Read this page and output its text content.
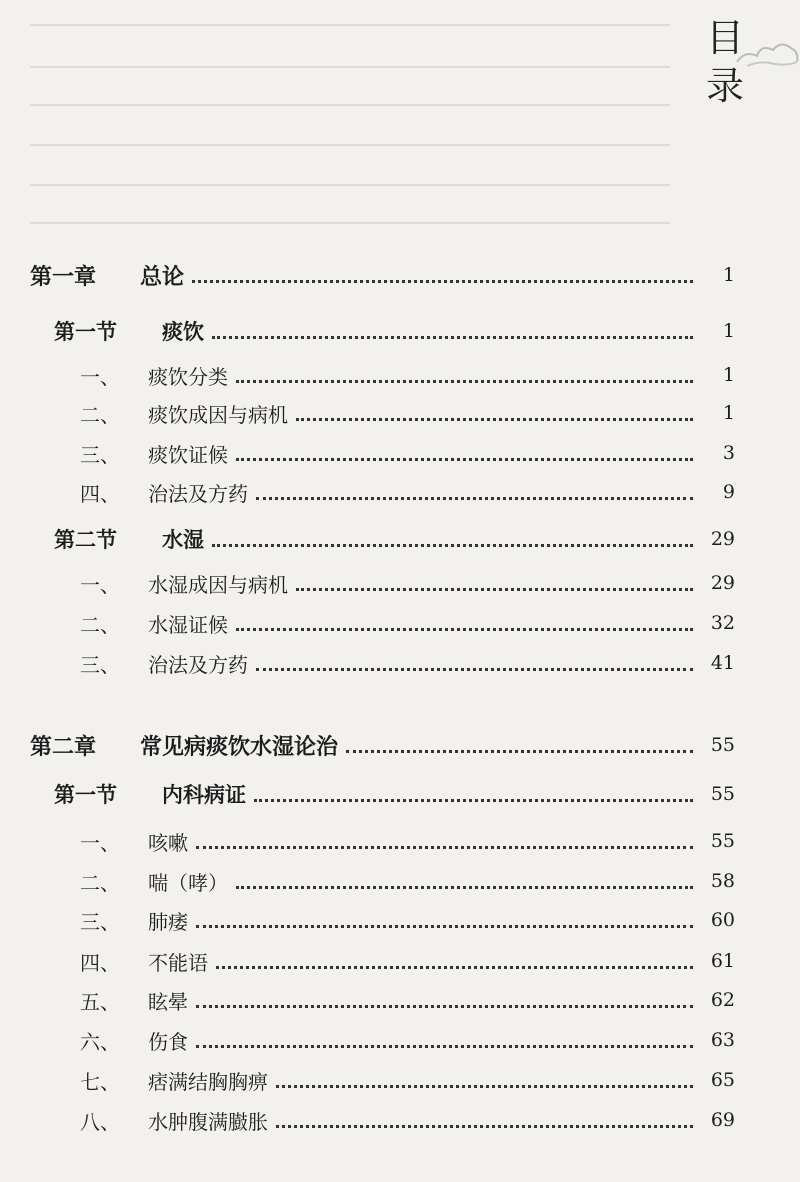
目录
第一章	总论	1
第一节	痰饮	1
一、	痰饮分类	1
二、	痰饮成因与病机	1
三、	痰饮证候	3
四、	治法及方药	9
第二节	水湿	29
一、	水湿成因与病机	29
二、	水湿证候	32
三、	治法及方药	41
第二章	常见病痰饮水湿论治	55
第一节	内科病证	55
一、	咳嗽	55
二、	喘（哮）	58
三、	肺痿	60
四、	不能语	61
五、	眩晕	62
六、	伤食	63
七、	痞满结胸胸痹	65
八、	水肿腹满臌胀	69
